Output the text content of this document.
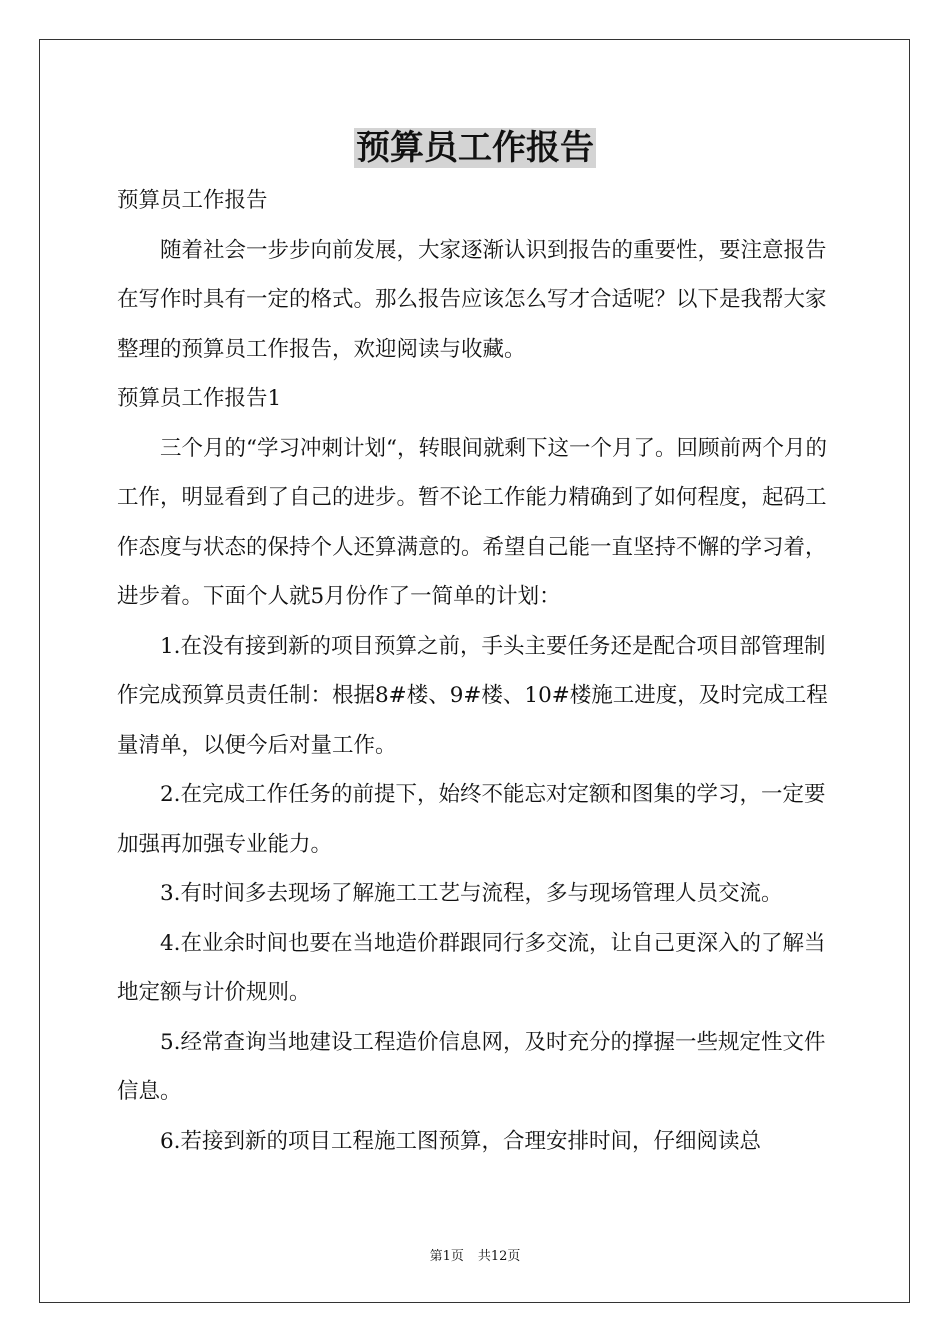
预算员工作报告

预算员工作报告

随着社会一步步向前发展，大家逐渐认识到报告的重要性，要注意报告在写作时具有一定的格式。那么报告应该怎么写才合适呢？以下是我帮大家整理的预算员工作报告，欢迎阅读与收藏。

预算员工作报告1

三个月的“学习冲刺计划“，转眼间就剩下这一个月了。回顾前两个月的工作，明显看到了自己的进步。暂不论工作能力精确到了如何程度，起码工作态度与状态的保持个人还算满意的。希望自己能一直坚持不懈的学习着，进步着。下面个人就5月份作了一简单的计划：

1.在没有接到新的项目预算之前，手头主要任务还是配合项目部管理制作完成预算员责任制：根据8#楼、9#楼、10#楼施工进度，及时完成工程量清单，以便今后对量工作。

2.在完成工作任务的前提下，始终不能忘对定额和图集的学习，一定要加强再加强专业能力。

3.有时间多去现场了解施工工艺与流程，多与现场管理人员交流。

4.在业余时间也要在当地造价群跟同行多交流，让自己更深入的了解当地定额与计价规则。

5.经常查询当地建设工程造价信息网，及时充分的撑握一些规定性文件信息。

6.若接到新的项目工程施工图预算，合理安排时间，仔细阅读总

第1页 共12页
